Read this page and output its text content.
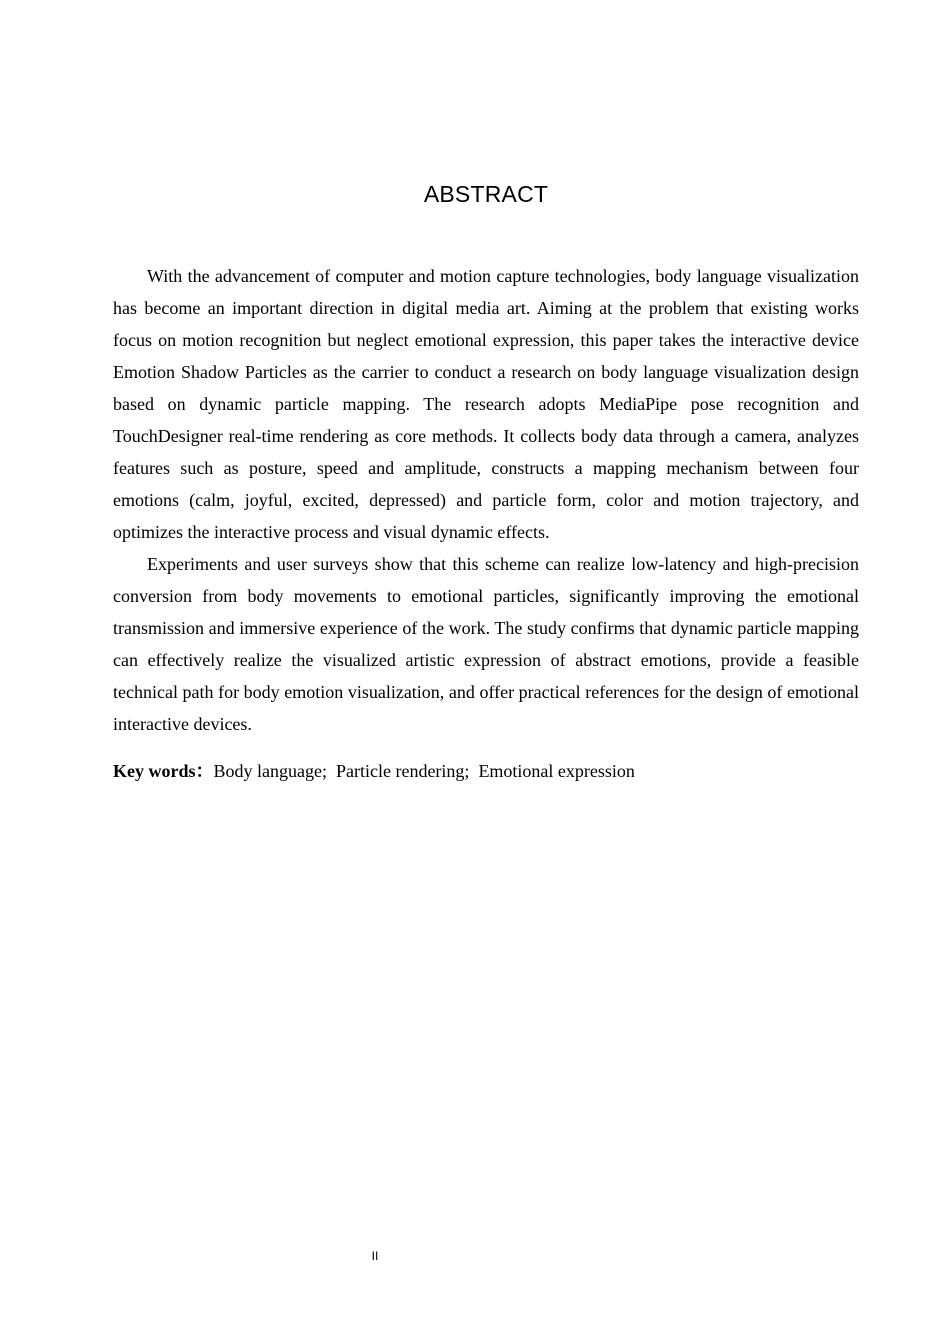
ABSTRACT

With the advancement of computer and motion capture technologies, body language visualization has become an important direction in digital media art. Aiming at the problem that existing works focus on motion recognition but neglect emotional expression, this paper takes the interactive device Emotion Shadow Particles as the carrier to conduct a research on body language visualization design based on dynamic particle mapping. The research adopts MediaPipe pose recognition and TouchDesigner real-time rendering as core methods. It collects body data through a camera, analyzes features such as posture, speed and amplitude, constructs a mapping mechanism between four emotions (calm, joyful, excited, depressed) and particle form, color and motion trajectory, and optimizes the interactive process and visual dynamic effects.

Experiments and user surveys show that this scheme can realize low-latency and high-precision conversion from body movements to emotional particles, significantly improving the emotional transmission and immersive experience of the work. The study confirms that dynamic particle mapping can effectively realize the visualized artistic expression of abstract emotions, provide a feasible technical path for body emotion visualization, and offer practical references for the design of emotional interactive devices.

Key words：Body language; Particle rendering; Emotional expression

II
